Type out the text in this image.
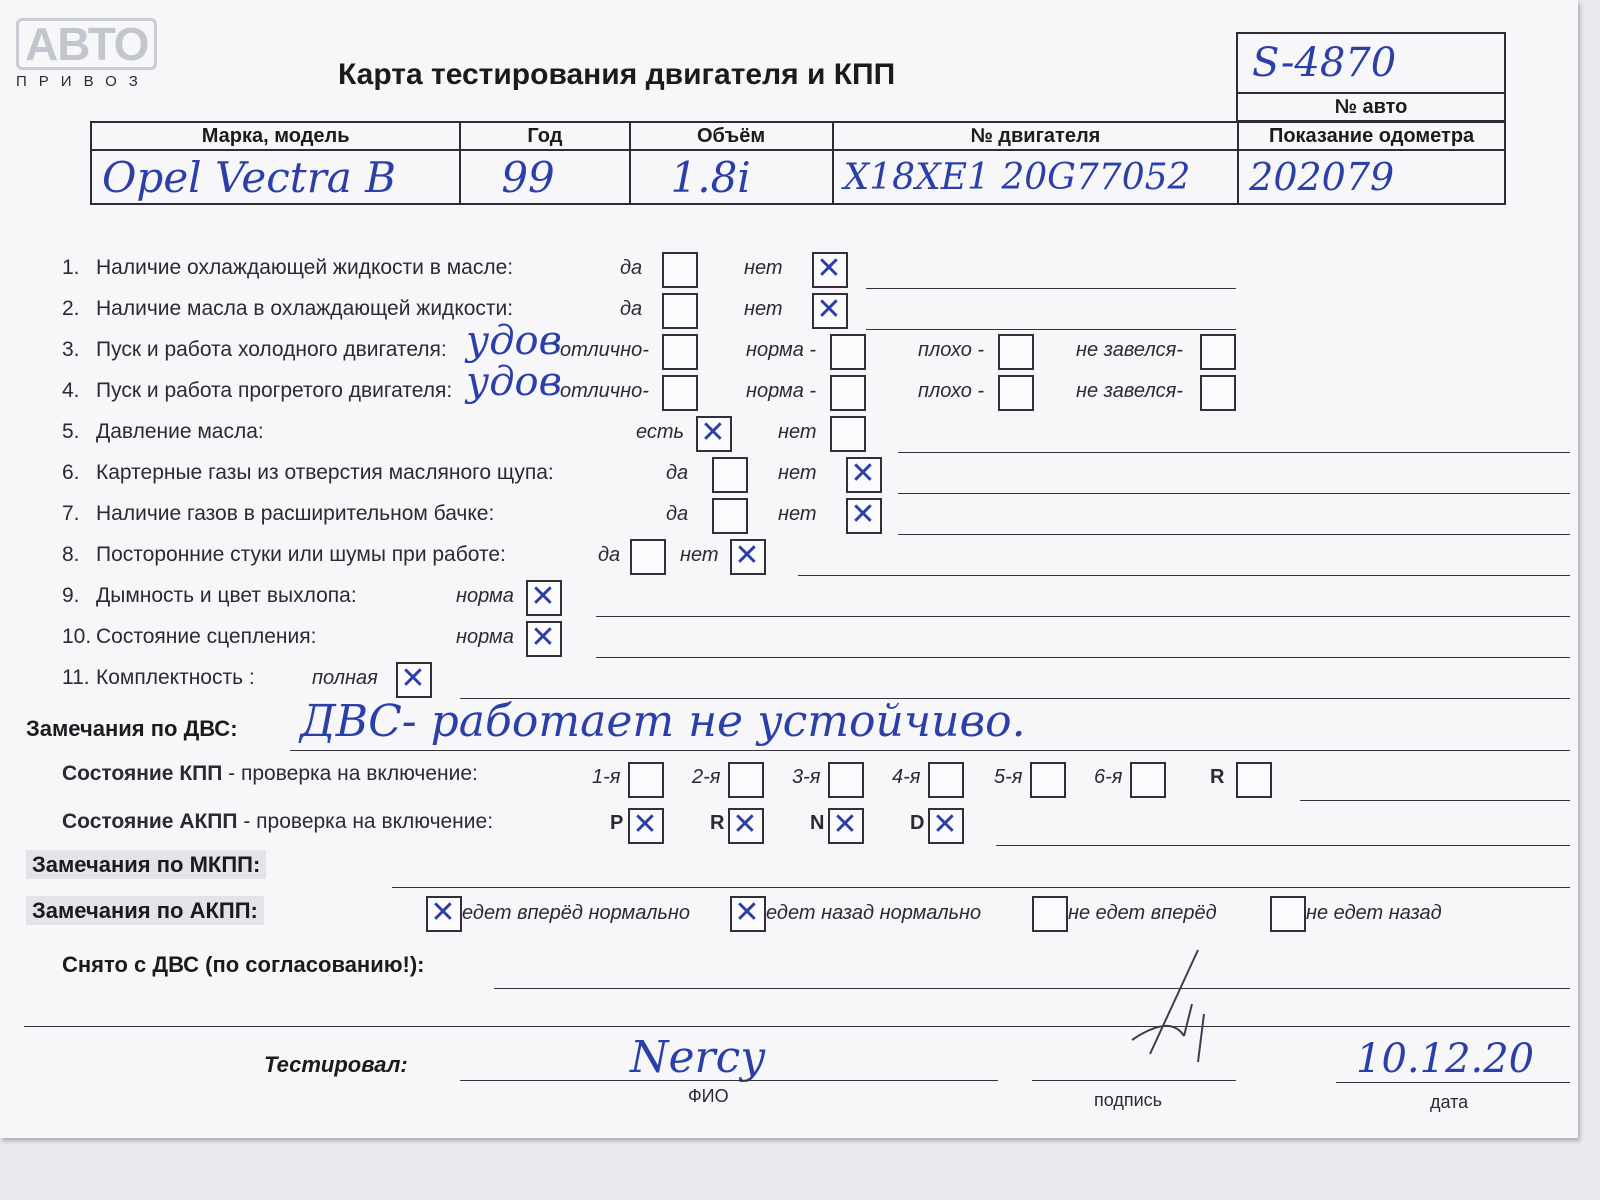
АВТО
ПРИВОЗ	Карта тестирования двигателя и КПП	S-4870
№ авто
Марка, модель	Год	Объём	№ двигателя	Показание одометра
Opel Vectra B	99	1.8i	X18XE1 20G77052	202079
1. Наличие охлаждающей жидкости в масле:	да	нет ✕
2. Наличие масла в охлаждающей жидкости:	да	нет ✕
3. Пуск и работа холодного двигателя: удов
отлично-	норма -	плохо -	не завелся-
4. Пуск и работа прогретого двигателя: удов
отлично-	норма -	плохо -	не завелся-
5. Давление масла:	есть ✕	нет
6. Картерные газы из отверстия масляного щупа:	да	нет ✕
7. Наличие газов в расширительном бачке:	да	нет ✕
8. Посторонние стуки или шумы при работе:	да	нет ✕
9. Дымность и цвет выхлопа:	норма ✕
10. Состояние сцепления:	норма ✕
11. Комплектность :	полная ✕
Замечания по ДВС: ДВС- работает не устойчиво.
Состояние КПП - проверка на включение:	1-я	2-я	3-я	4-я	5-я	6-я	R
Состояние АКПП - проверка на включение:	P ✕	R ✕	N ✕	D ✕
Замечания по МКПП:
Замечания по АКПП:	✕ едет вперёд нормально ✕ едет назад нормально	не едет вперёд	не едет назад
Снято с ДВС (по согласованию!):
Тестировал:	Nercy
ФИО	подпись
10.12.20
дата
